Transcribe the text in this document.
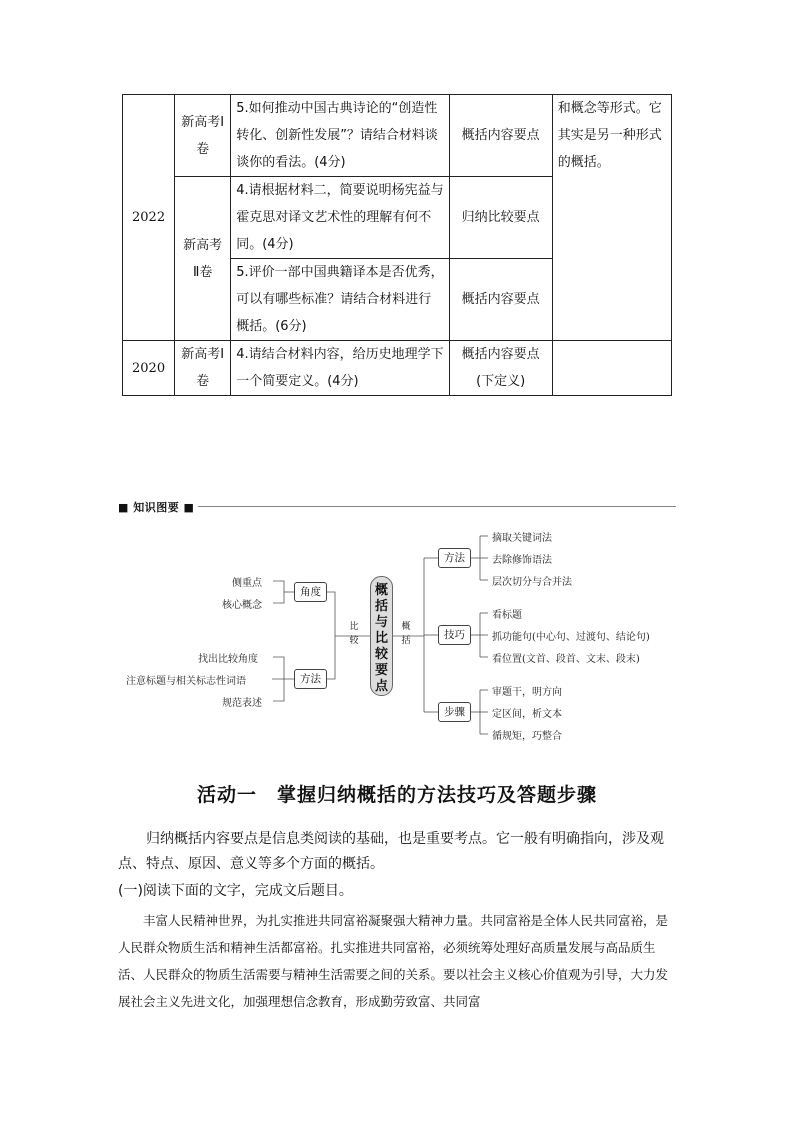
2022	新高考Ⅰ卷	5.如何推动中国古典诗论的“创造性转化、创新性发展”？请结合材料谈谈你的看法。(4分)	概括内容要点	和概念等形式。它其实是另一种形式的概括。
	新高考Ⅱ卷	4.请根据材料二，简要说明杨宪益与霍克思对译文艺术性的理解有何不同。(4分)	归纳比较要点	
		5.评价一部中国典籍译本是否优秀，可以有哪些标准？请结合材料进行概括。(6分)	概括内容要点	
2020	新高考Ⅰ卷	4.请结合材料内容，给历史地理学下一个简要定义。(4分)	概括内容要点(下定义)	
■ 知识图要 ■
侧重点
核心概念
找出比较角度
注意标题与相关标志性词语
规范表述
角度
方法
比较
概括
概括与比较要点
方法
技巧
步骤
摘取关键词法
去除修饰语法
层次切分与合并法
看标题
抓功能句(中心句、过渡句、结论句)
看位置(文首、段首、文末、段末)
审题干，明方向
定区间，析文本
循规矩，巧整合
活动一　掌握归纳概括的方法技巧及答题步骤
归纳概括内容要点是信息类阅读的基础，也是重要考点。它一般有明确指向，涉及观点、特点、原因、意义等多个方面的概括。
(一)阅读下面的文字，完成文后题目。
丰富人民精神世界，为扎实推进共同富裕凝聚强大精神力量。共同富裕是全体人民共同富裕，是人民群众物质生活和精神生活都富裕。扎实推进共同富裕，必须统筹处理好高质量发展与高品质生活、人民群众的物质生活需要与精神生活需要之间的关系。要以社会主义核心价值观为引导，大力发展社会主义先进文化，加强理想信念教育，形成勤劳致富、共同富
